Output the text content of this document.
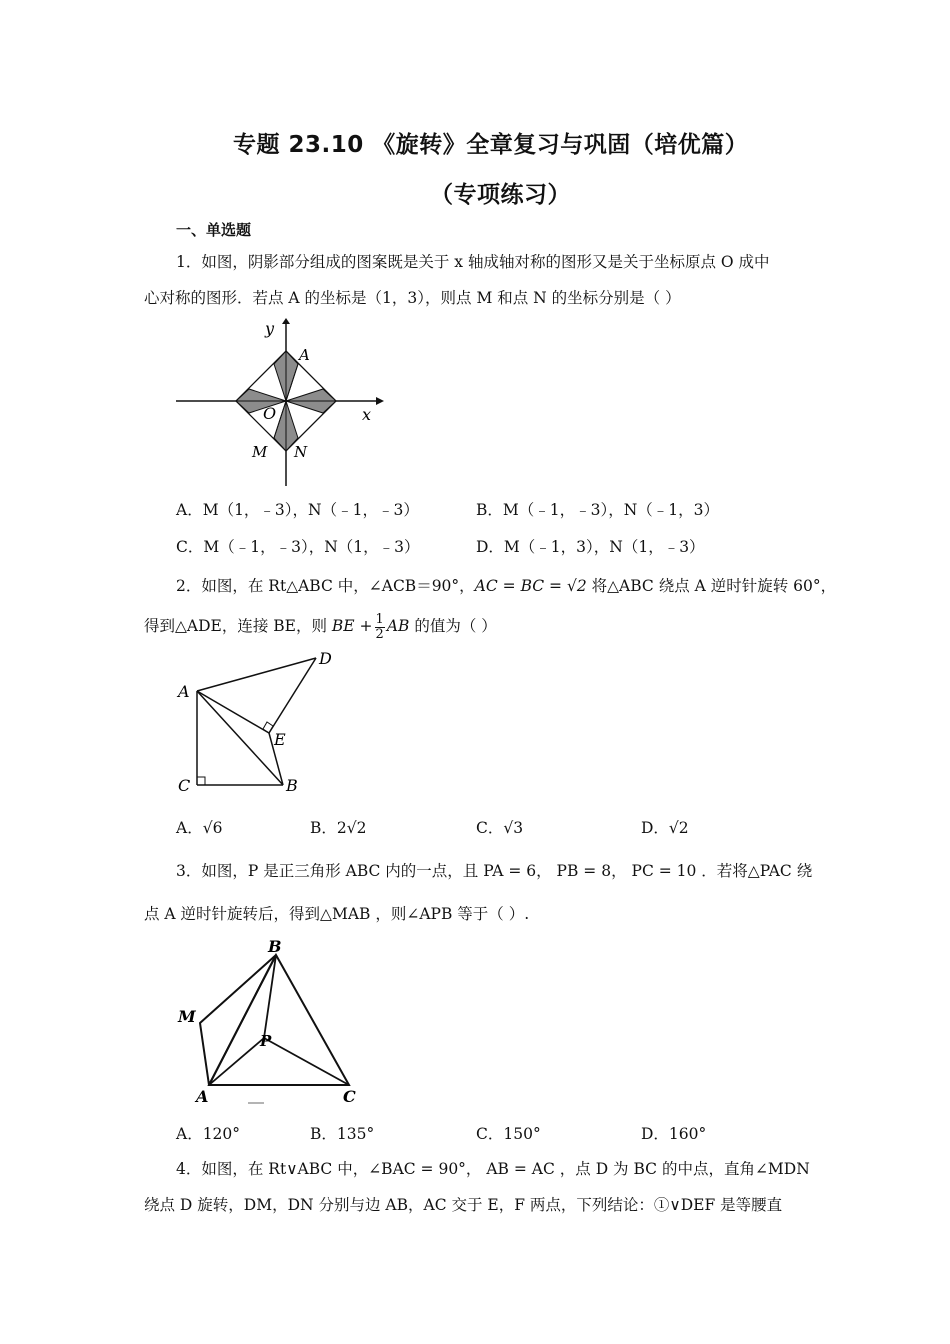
专题 23.10 《旋转》全章复习与巩固（培优篇）
（专项练习）
一、单选题
1．如图，阴影部分组成的图案既是关于 x 轴成轴对称的图形又是关于坐标原点 O 成中
心对称的图形．若点 A 的坐标是（1，3），则点 M 和点 N 的坐标分别是（ ）
y
x
O
A
M N
A．M（1，﹣3），N（﹣1，﹣3）	B．M（﹣1，﹣3），N（﹣1，3）
C．M（﹣1，﹣3），N（1，﹣3）	D．M（﹣1，3），N（1，﹣3）
2．如图，在 Rt△ABC 中，∠ACB＝90°，AC = BC = √2 将△ABC 绕点 A 逆时针旋转 60°，
得到△ADE，连接 BE，则 BE + $\frac{1}{2}$ AB 的值为（ ）
A
C	B
D
E
A．√6	B．2√2	C．√3	D．√2
3．如图，P 是正三角形 ABC 内的一点，且 PA = 6， PB = 8， PC = 10 ．若将△PAC 绕
点 A 逆时针旋转后，得到△MAB ，则∠APB 等于（ ）.
B
M
P
A	C
A．120°	B．135°	C．150°	D．160°
4．如图，在 Rt∨ABC 中，∠BAC = 90°， AB = AC ，点 D 为 BC 的中点，直角∠MDN
绕点 D 旋转，DM，DN 分别与边 AB，AC 交于 E，F 两点，下列结论：①∨DEF 是等腰直
